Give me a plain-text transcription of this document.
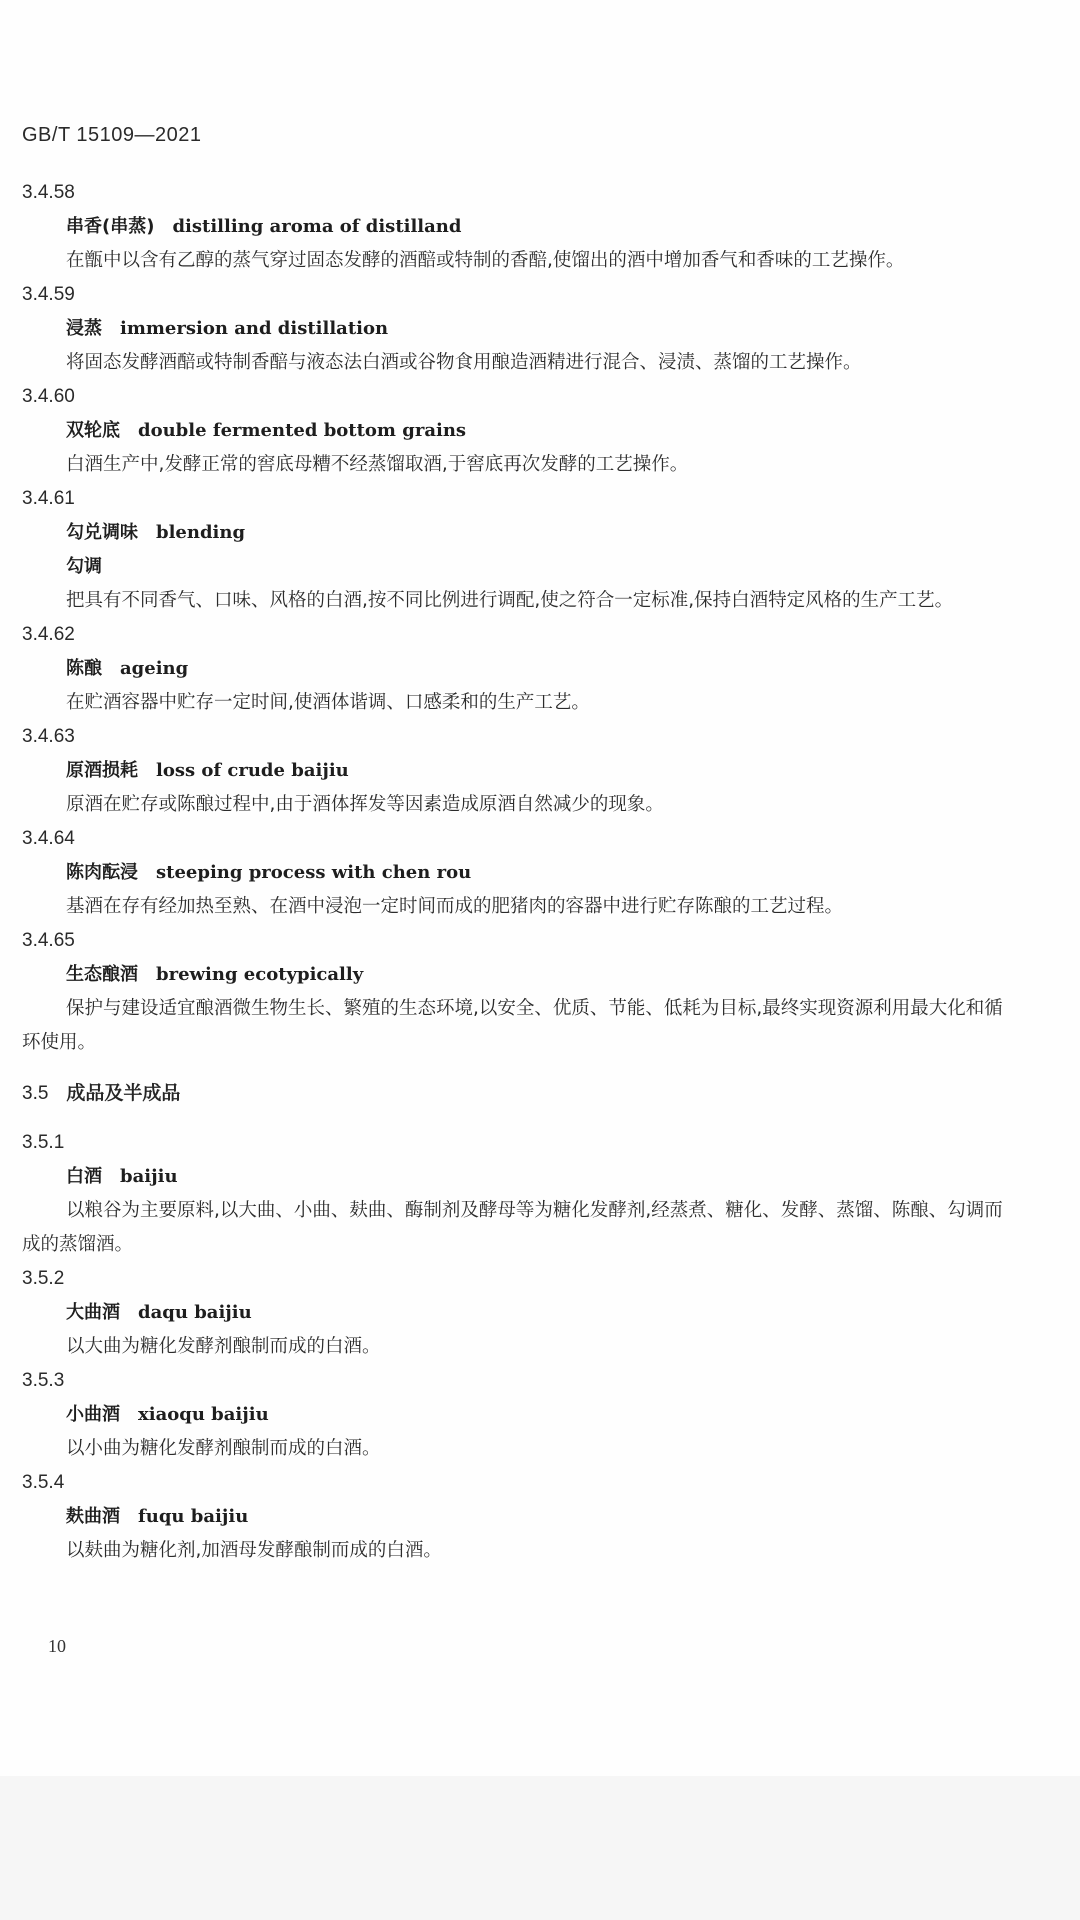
GB/T 15109—2021
3.4.58
串香(串蒸) distilling aroma of distilland
在甑中以含有乙醇的蒸气穿过固态发酵的酒醅或特制的香醅,使馏出的酒中增加香气和香味的工艺操作。
3.4.59
浸蒸 immersion and distillation
将固态发酵酒醅或特制香醅与液态法白酒或谷物食用酿造酒精进行混合、浸渍、蒸馏的工艺操作。
3.4.60
双轮底 double fermented bottom grains
白酒生产中,发酵正常的窖底母糟不经蒸馏取酒,于窖底再次发酵的工艺操作。
3.4.61
勾兑调味 blending
勾调
把具有不同香气、口味、风格的白酒,按不同比例进行调配,使之符合一定标准,保持白酒特定风格的生产工艺。
3.4.62
陈酿 ageing
在贮酒容器中贮存一定时间,使酒体谐调、口感柔和的生产工艺。
3.4.63
原酒损耗 loss of crude baijiu
原酒在贮存或陈酿过程中,由于酒体挥发等因素造成原酒自然减少的现象。
3.4.64
陈肉酝浸 steeping process with chen rou
基酒在存有经加热至熟、在酒中浸泡一定时间而成的肥猪肉的容器中进行贮存陈酿的工艺过程。
3.4.65
生态酿酒 brewing ecotypically
保护与建设适宜酿酒微生物生长、繁殖的生态环境,以安全、优质、节能、低耗为目标,最终实现资源利用最大化和循环使用。
3.5 成品及半成品
3.5.1
白酒 baijiu
以粮谷为主要原料,以大曲、小曲、麸曲、酶制剂及酵母等为糖化发酵剂,经蒸煮、糖化、发酵、蒸馏、陈酿、勾调而成的蒸馏酒。
3.5.2
大曲酒 daqu baijiu
以大曲为糖化发酵剂酿制而成的白酒。
3.5.3
小曲酒 xiaoqu baijiu
以小曲为糖化发酵剂酿制而成的白酒。
3.5.4
麸曲酒 fuqu baijiu
以麸曲为糖化剂,加酒母发酵酿制而成的白酒。
10
